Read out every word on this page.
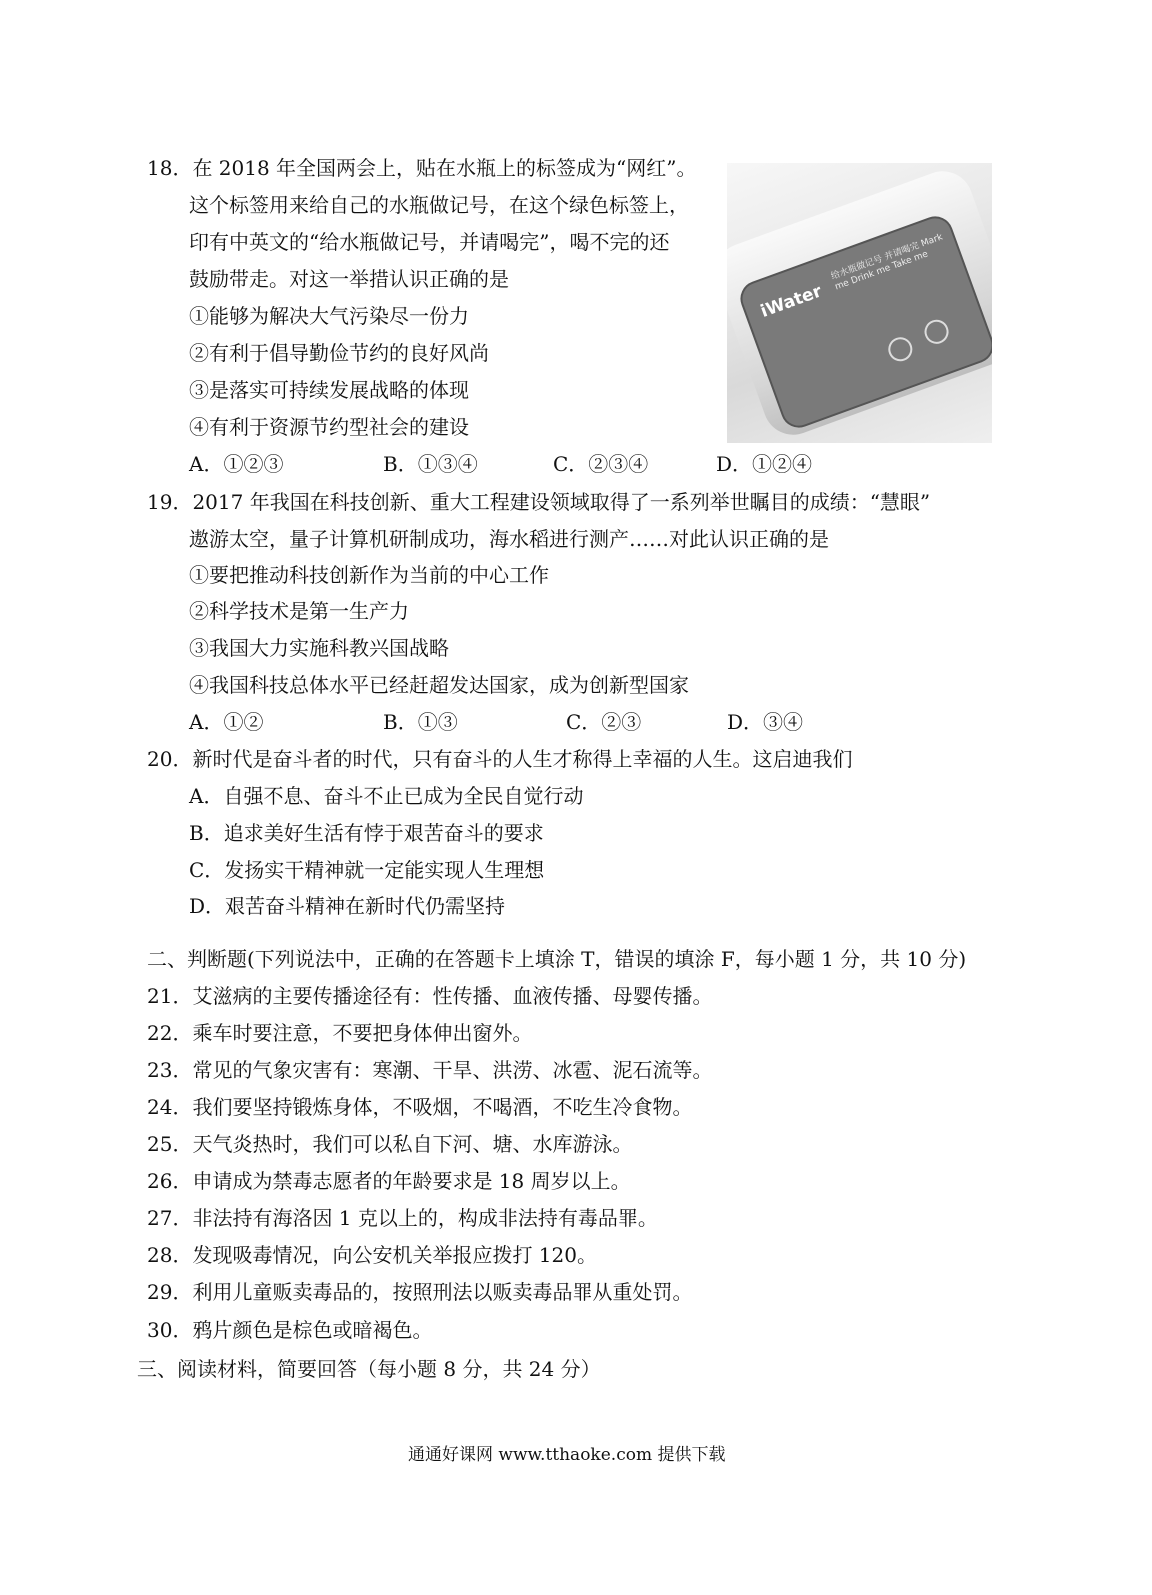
18．在 2018 年全国两会上，贴在水瓶上的标签成为“网红”。
这个标签用来给自己的水瓶做记号，在这个绿色标签上，
印有中英文的“给水瓶做记号，并请喝完”，喝不完的还
鼓励带走。对这一举措认识正确的是
①能够为解决大气污染尽一份力
②有利于倡导勤俭节约的良好风尚
③是落实可持续发展战略的体现
④有利于资源节约型社会的建设
A．①②③	B．①③④	C．②③④	D．①②④
iWater
给水瓶做记号 并请喝完 Mark me Drink me Take me
19．2017 年我国在科技创新、重大工程建设领域取得了一系列举世瞩目的成绩：“慧眼”
遨游太空，量子计算机研制成功，海水稻进行测产……对此认识正确的是
①要把推动科技创新作为当前的中心工作
②科学技术是第一生产力
③我国大力实施科教兴国战略
④我国科技总体水平已经赶超发达国家，成为创新型国家
A．①②	B．①③	C．②③	D．③④
20．新时代是奋斗者的时代，只有奋斗的人生才称得上幸福的人生。这启迪我们
A．自强不息、奋斗不止已成为全民自觉行动
B．追求美好生活有悖于艰苦奋斗的要求
C．发扬实干精神就一定能实现人生理想
D．艰苦奋斗精神在新时代仍需坚持
二、判断题(下列说法中，正确的在答题卡上填涂 T，错误的填涂 F，每小题 1 分，共 10 分)
21．艾滋病的主要传播途径有：性传播、血液传播、母婴传播。
22．乘车时要注意，不要把身体伸出窗外。
23．常见的气象灾害有：寒潮、干旱、洪涝、冰雹、泥石流等。
24．我们要坚持锻炼身体，不吸烟，不喝酒，不吃生冷食物。
25．天气炎热时，我们可以私自下河、塘、水库游泳。
26．申请成为禁毒志愿者的年龄要求是 18 周岁以上。
27．非法持有海洛因 1 克以上的，构成非法持有毒品罪。
28．发现吸毒情况，向公安机关举报应拨打 120。
29．利用儿童贩卖毒品的，按照刑法以贩卖毒品罪从重处罚。
30．鸦片颜色是棕色或暗褐色。
三、阅读材料，简要回答（每小题 8 分，共 24 分）
通通好课网 www.tthaoke.com 提供下载
